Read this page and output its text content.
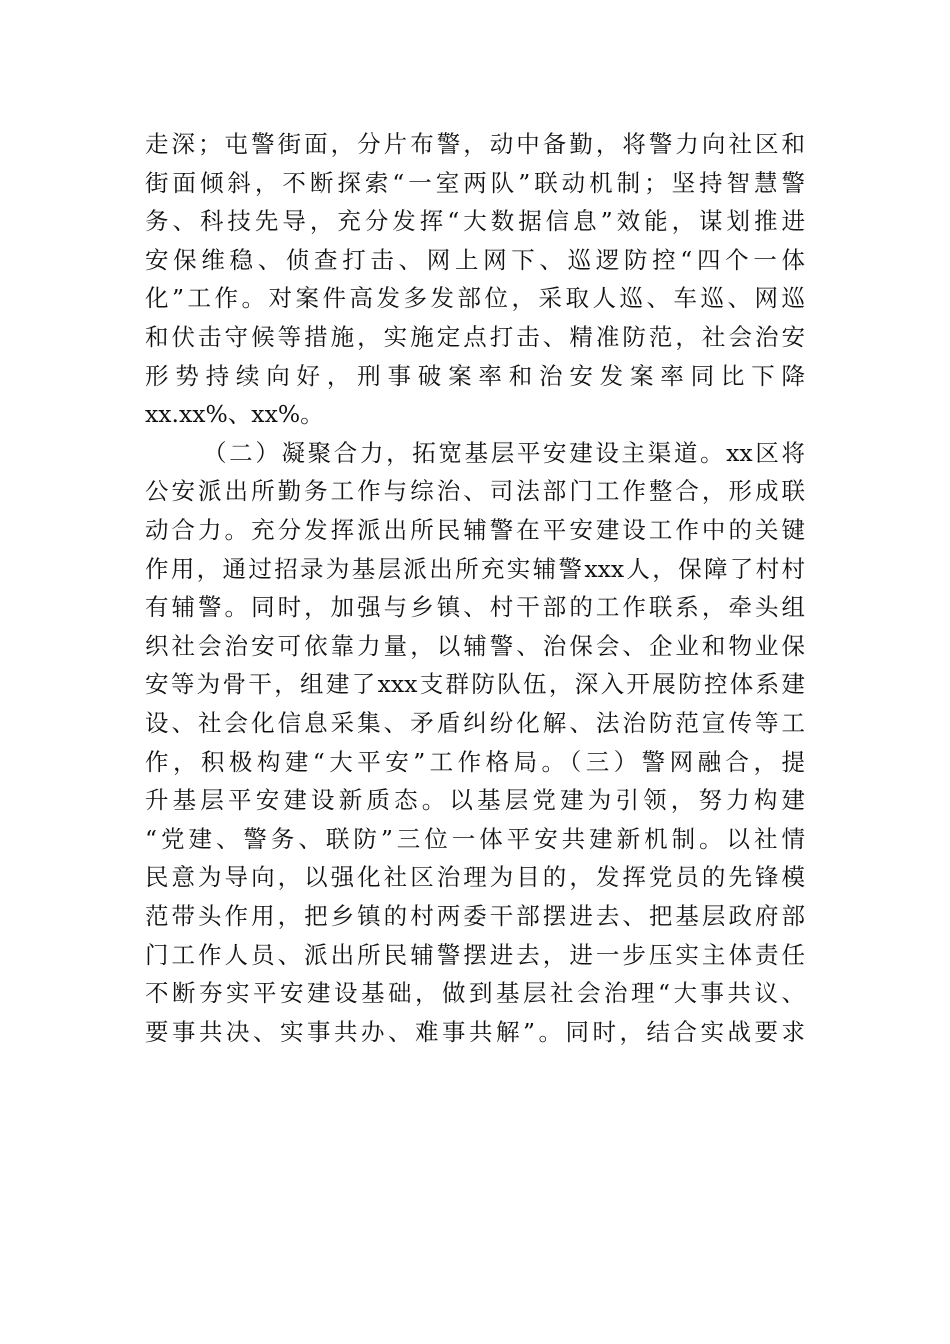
走深；屯警街面，分片布警，动中备勤，将警力向社区和
街面倾斜，不断探索“一室两队”联动机制；坚持智慧警
务、科技先导，充分发挥“大数据信息”效能，谋划推进
安保维稳、侦查打击、网上网下、巡逻防控“四个一体
化”工作。对案件高发多发部位，采取人巡、车巡、网巡
和伏击守候等措施，实施定点打击、精准防范，社会治安
形势持续向好，刑事破案率和治安发案率同比下降
xx.xx%、xx%。
（二）凝聚合力，拓宽基层平安建设主渠道。xx区将
公安派出所勤务工作与综治、司法部门工作整合，形成联
动合力。充分发挥派出所民辅警在平安建设工作中的关键
作用，通过招录为基层派出所充实辅警xxx人，保障了村村
有辅警。同时，加强与乡镇、村干部的工作联系，牵头组
织社会治安可依靠力量，以辅警、治保会、企业和物业保
安等为骨干，组建了xxx支群防队伍，深入开展防控体系建
设、社会化信息采集、矛盾纠纷化解、法治防范宣传等工
作，积极构建“大平安”工作格局。（三）警网融合，提
升基层平安建设新质态。以基层党建为引领，努力构建
“党建、警务、联防”三位一体平安共建新机制。以社情
民意为导向，以强化社区治理为目的，发挥党员的先锋模
范带头作用，把乡镇的村两委干部摆进去、把基层政府部
门工作人员、派出所民辅警摆进去，进一步压实主体责任
不断夯实平安建设基础，做到基层社会治理“大事共议、
要事共决、实事共办、难事共解”。同时，结合实战要求
